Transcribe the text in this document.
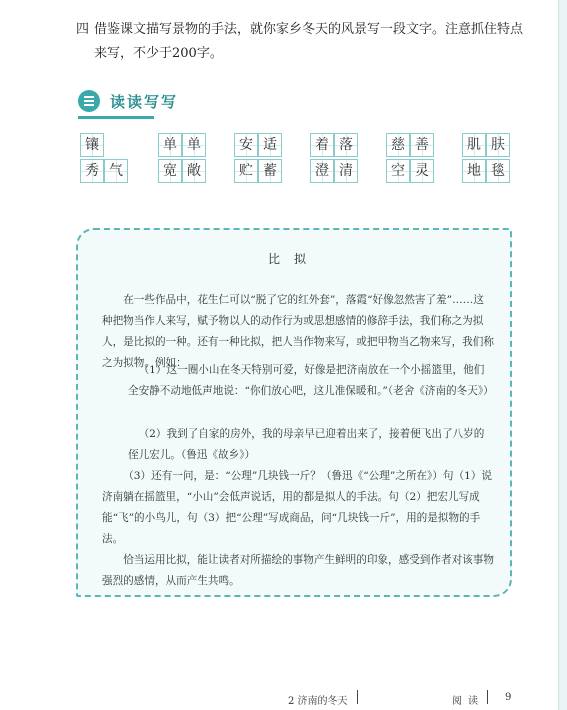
四 借鉴课文描写景物的手法，就你家乡冬天的风景写一段文字。注意抓住特点来写，不少于200字。
读读写写
镶	单 单	安 适	着 落	慈 善	肌 肤
秀 气	宽 敞	贮 蓄	澄 清	空 灵	地 毯
比拟
在一些作品中，花生仁可以“脱了它的红外套”，落霞“好像忽然害了羞”……这种把物当作人来写，赋予物以人的动作行为或思想感情的修辞手法，我们称之为拟人，是比拟的一种。还有一种比拟，把人当作物来写，或把甲物当乙物来写，我们称之为拟物。例如：
（1）这一圈小山在冬天特别可爱，好像是把济南放在一个小摇篮里，他们全安静不动地低声地说：“你们放心吧，这儿准保暖和。”（老舍《济南的冬天》）
（2）我到了自家的房外，我的母亲早已迎着出来了，接着便飞出了八岁的侄儿宏儿。（鲁迅《故乡》）
（3）还有一问，是：“公理”几块钱一斤？（鲁迅《“公理”之所在》）句（1）说济南躺在摇篮里，“小山”会低声说话，用的都是拟人的手法。句（2）把宏儿写成能“飞”的小鸟儿，句（3）把“公理”写成商品，问“几块钱一斤”，用的是拟物的手法。
恰当运用比拟，能让读者对所描绘的事物产生鲜明的印象，感受到作者对该事物强烈的感情，从而产生共鸣。
2 济南的冬天	阅读 9
